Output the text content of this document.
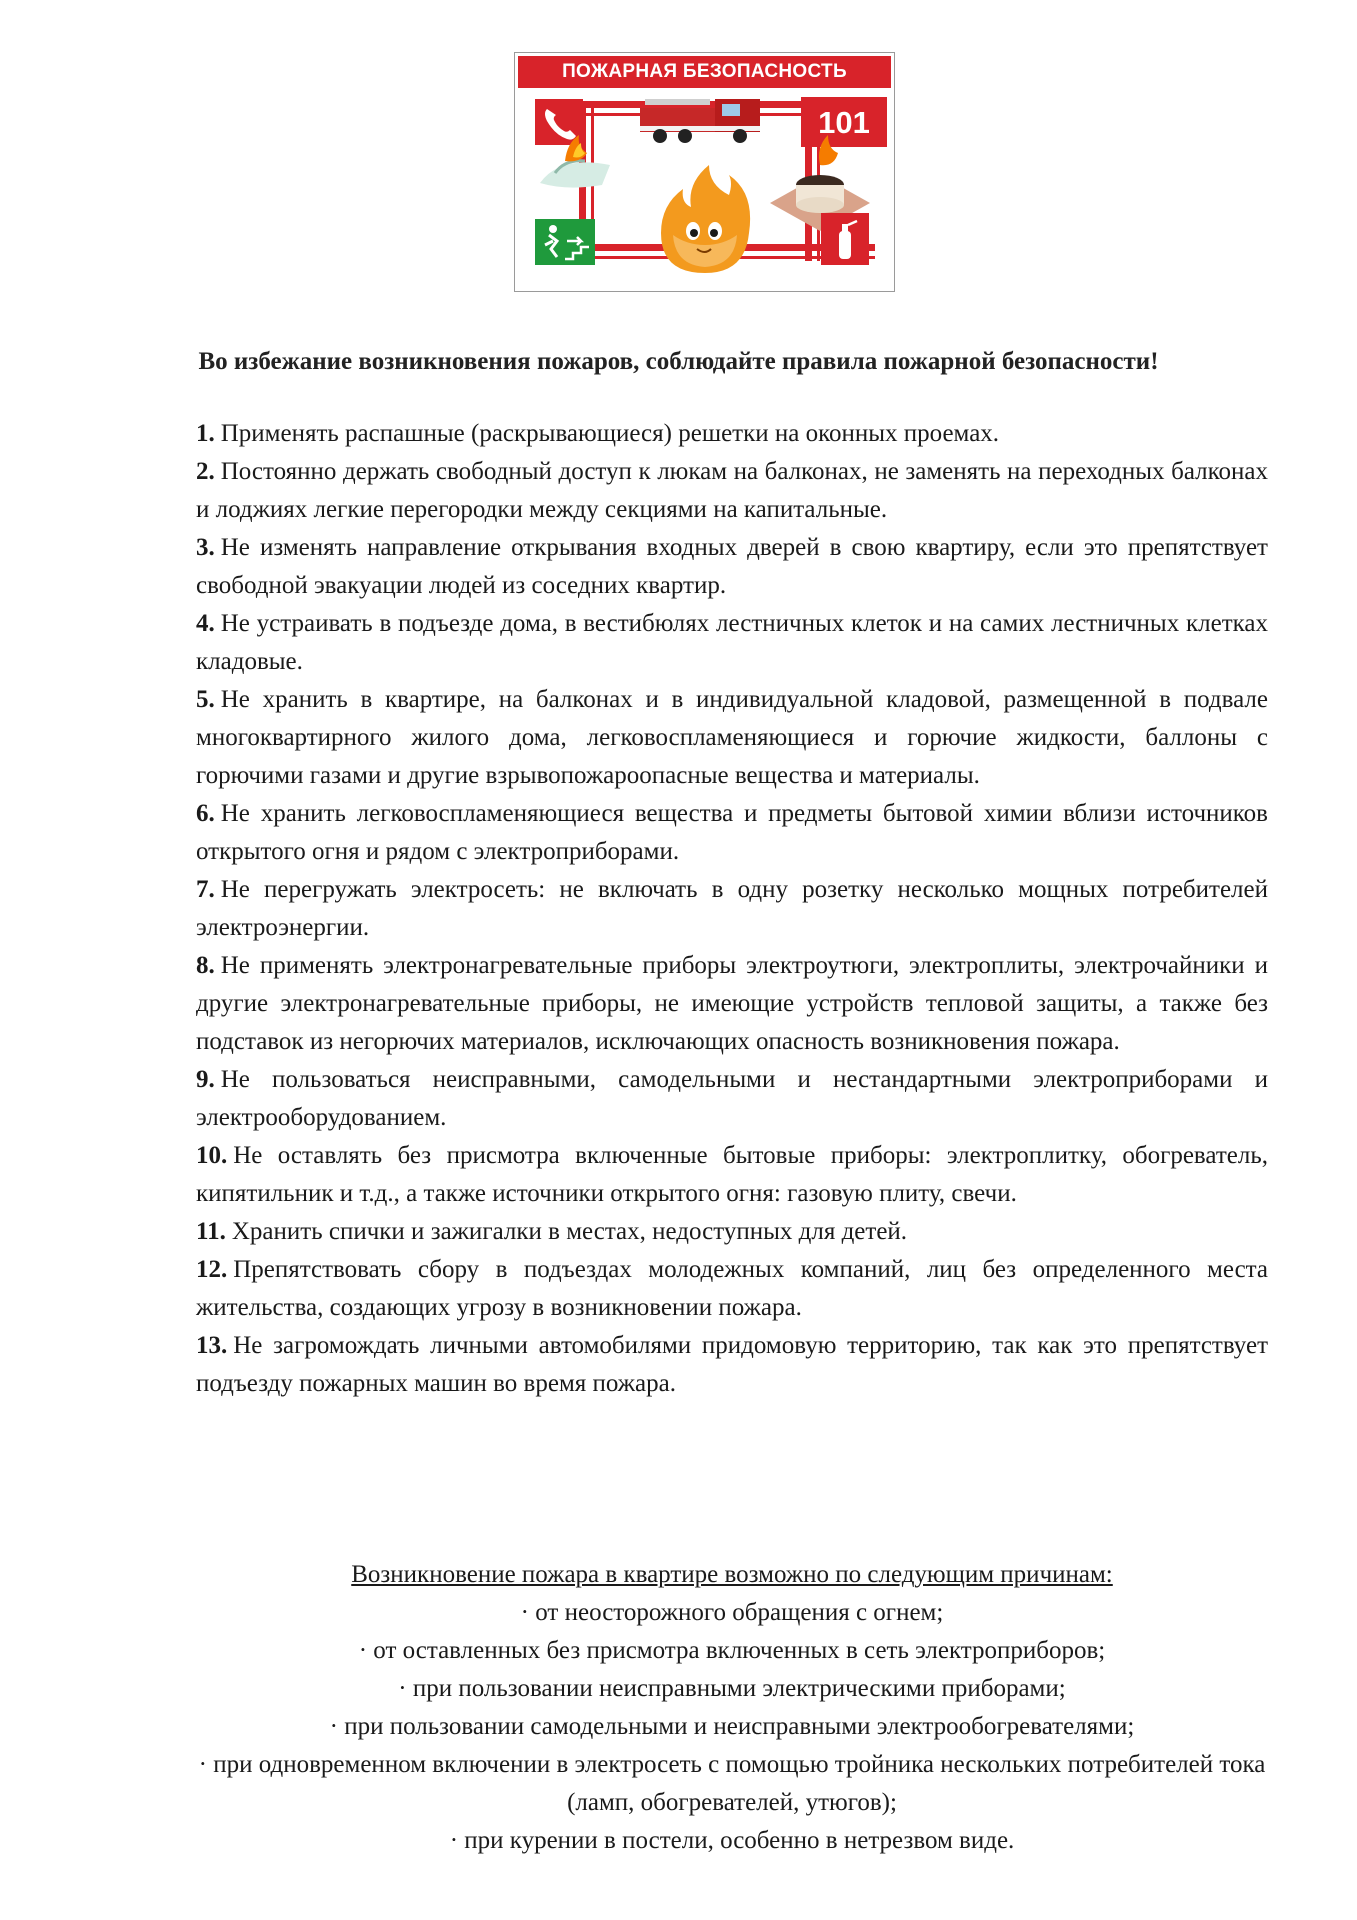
ПОЖАРНАЯ БЕЗОПАСНОСТЬ
101
Во избежание возникновения пожаров, соблюдайте правила пожарной безопасности!

1. Применять распашные (раскрывающиеся) решетки на оконных проемах.

2. Постоянно держать свободный доступ к люкам на балконах, не заменять на переходных балконах и лоджиях легкие перегородки между секциями на капитальные.

3. Не изменять направление открывания входных дверей в свою квартиру, если это препятствует свободной эвакуации людей из соседних квартир.

4. Не устраивать в подъезде дома, в вестибюлях лестничных клеток и на самих лестничных клетках кладовые.

5. Не хранить в квартире, на балконах и в индивидуальной кладовой, размещенной в подвале многоквартирного жилого дома, легковоспламеняющиеся и горючие жидкости, баллоны с горючими газами и другие взрывопожароопасные вещества и материалы.

6. Не хранить легковоспламеняющиеся вещества и предметы бытовой химии вблизи источников открытого огня и рядом с электроприборами.

7. Не перегружать электросеть: не включать в одну розетку несколько мощных потребителей электроэнергии.

8. Не применять электронагревательные приборы электроутюги, электроплиты, электрочайники и другие электронагревательные приборы, не имеющие устройств тепловой защиты, а также без подставок из негорючих материалов, исключающих опасность возникновения пожара.

9. Не пользоваться неисправными, самодельными и нестандартными электроприборами и электрооборудованием.

10. Не оставлять без присмотра включенные бытовые приборы: электроплитку, обогреватель, кипятильник и т.д., а также источники открытого огня: газовую плиту, свечи.

11. Хранить спички и зажигалки в местах, недоступных для детей.

12. Препятствовать сбору в подъездах молодежных компаний, лиц без определенного места жительства, создающих угрозу в возникновении пожара.

13. Не загромождать личными автомобилями придомовую территорию, так как это препятствует подъезду пожарных машин во время пожара.

Возникновение пожара в квартире возможно по следующим причинам:

· от неосторожного обращения с огнем;

· от оставленных без присмотра включенных в сеть электроприборов;

· при пользовании неисправными электрическими приборами;

· при пользовании самодельными и неисправными электрообогревателями;

· при одновременном включении в электросеть с помощью тройника нескольких потребителей тока (ламп, обогревателей, утюгов);

· при курении в постели, особенно в нетрезвом виде.
